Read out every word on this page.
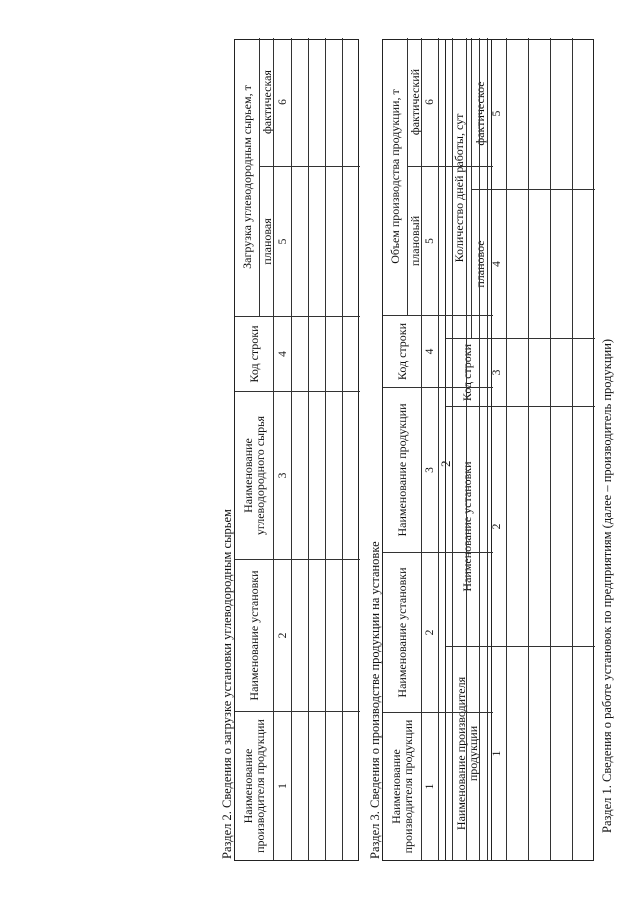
2	Раздел 1. Сведения о работе установок по предприятиям (далее – производитель продукции)
Наименование производителя продукции
Наименование установки
Код строки
Количество дней работы, сут
плановое
фактическое
1
2
3
4
5
Раздел 2. Сведения о загрузке установки углеводородным сырьем Наименование производителя продукции
Наименование установки
Наименование углеводородного сырья
Код строки
Загрузка углеводородным сырьем, т плановая
фактическая
1
2
3
4
5
6
Раздел 3. Сведения о производстве продукции на установке Наименование производителя продукции
Наименование установки
Наименование продукции
Код строки
Объем производства продукции, т плановый
фактический
1
2
3
4
5
6
